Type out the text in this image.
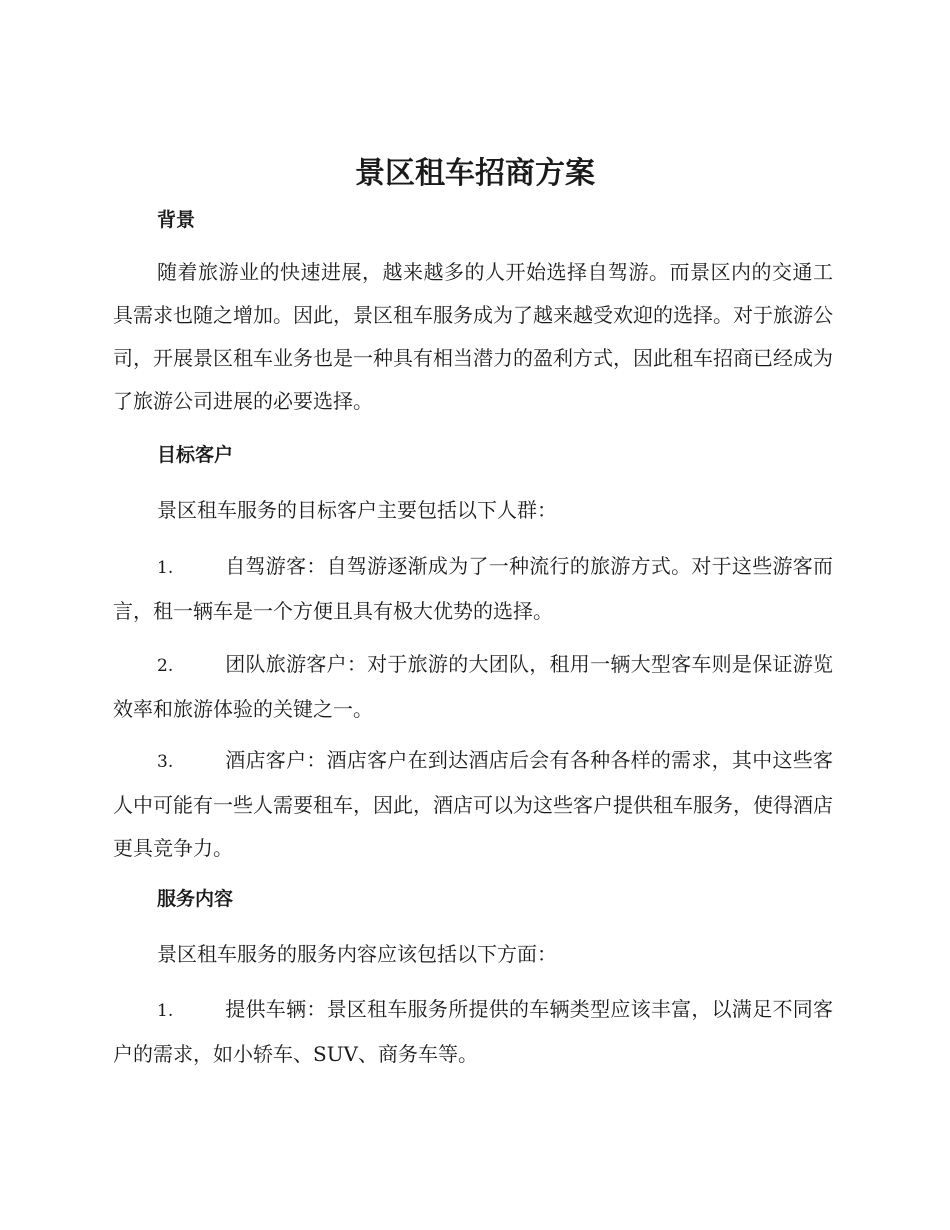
景区租车招商方案
背景

随着旅游业的快速进展，越来越多的人开始选择自驾游。而景区内的交通工具需求也随之增加。因此，景区租车服务成为了越来越受欢迎的选择。对于旅游公司，开展景区租车业务也是一种具有相当潜力的盈利方式，因此租车招商已经成为了旅游公司进展的必要选择。

目标客户

景区租车服务的目标客户主要包括以下人群：

1.	自驾游客：自驾游逐渐成为了一种流行的旅游方式。对于这些游客而言，租一辆车是一个方便且具有极大优势的选择。

2.	团队旅游客户：对于旅游的大团队，租用一辆大型客车则是保证游览效率和旅游体验的关键之一。

3.	酒店客户：酒店客户在到达酒店后会有各种各样的需求，其中这些客人中可能有一些人需要租车，因此，酒店可以为这些客户提供租车服务，使得酒店更具竞争力。

服务内容

景区租车服务的服务内容应该包括以下方面：

1.	提供车辆：景区租车服务所提供的车辆类型应该丰富，以满足不同客户的需求，如小轿车、SUV、商务车等。
